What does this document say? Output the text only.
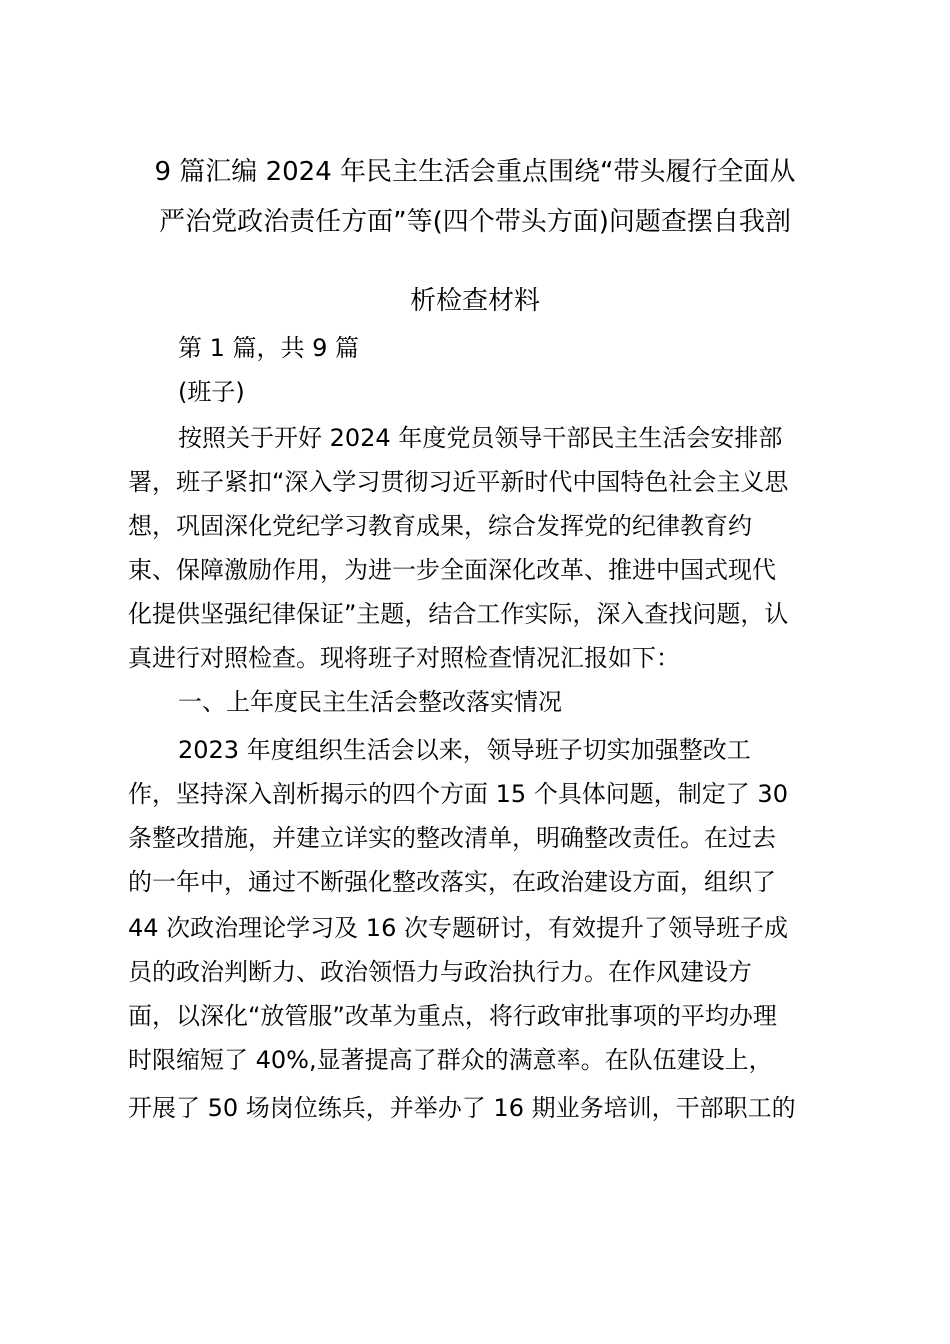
9 篇汇编 2024 年民主生活会重点围绕“带头履行全面从
严治党政治责任方面”等(四个带头方面)问题查摆自我剖
析检查材料
第 1 篇，共 9 篇
(班子)
按照关于开好 2024 年度党员领导干部民主生活会安排部
署，班子紧扣“深入学习贯彻习近平新时代中国特色社会主义思
想，巩固深化党纪学习教育成果，综合发挥党的纪律教育约
束、保障激励作用，为进一步全面深化改革、推进中国式现代
化提供坚强纪律保证”主题，结合工作实际，深入查找问题，认
真进行对照检查。现将班子对照检查情况汇报如下：
一、上年度民主生活会整改落实情况
2023 年度组织生活会以来，领导班子切实加强整改工
作，坚持深入剖析揭示的四个方面 15 个具体问题，制定了 30
条整改措施，并建立详实的整改清单，明确整改责任。在过去
的一年中，通过不断强化整改落实，在政治建设方面，组织了
44 次政治理论学习及 16 次专题研讨，有效提升了领导班子成
员的政治判断力、政治领悟力与政治执行力。在作风建设方
面，以深化“放管服”改革为重点，将行政审批事项的平均办理
时限缩短了 40%,显著提高了群众的满意率。在队伍建设上，
开展了 50 场岗位练兵，并举办了 16 期业务培训，干部职工的
